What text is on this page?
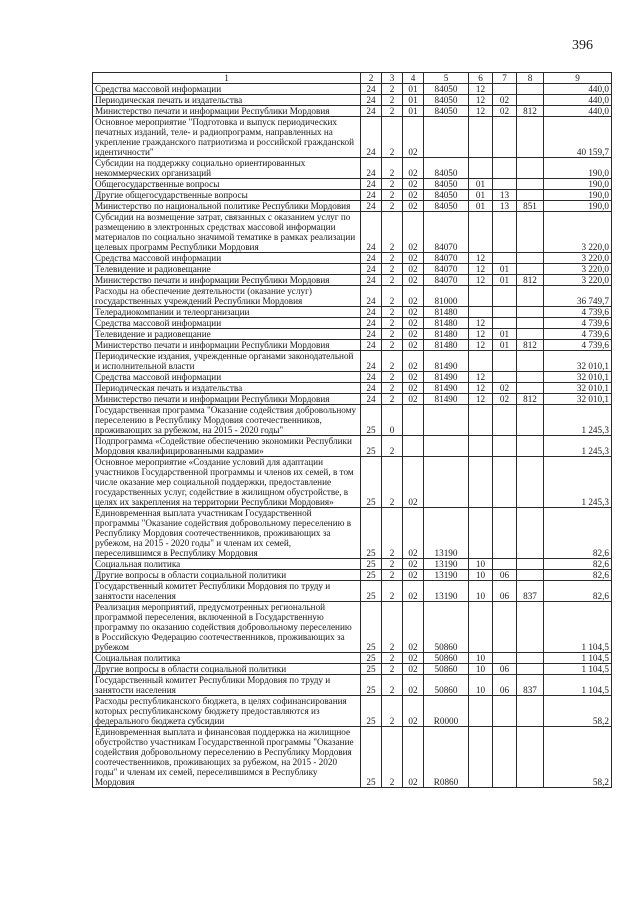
396
1	2	3	4	5	6	7	8	9
Средства массовой информации	24	2	01	84050	12			440,0
Периодическая печать и издательства	24	2	01	84050	12	02		440,0
Министерство печати и информации Республики Мордовия	24	2	01	84050	12	02	812	440,0
Основное мероприятие "Подготовка и выпуск периодических печатных изданий, теле- и радиопрограмм, направленных на укрепление гражданского патриотизма и российской гражданской идентичности"	24	2	02					40 159,7
Субсидии на поддержку социально ориентированных некоммерческих организаций	24	2	02	84050				190,0
Общегосударственные вопросы	24	2	02	84050	01			190,0
Другие общегосударственные вопросы	24	2	02	84050	01	13		190,0
Министерство по национальной политике Республики Мордовия	24	2	02	84050	01	13	851	190,0
Субсидии на возмещение затрат, связанных с оказанием услуг по размещению в электронных средствах массовой информации материалов по социально значимой тематике в рамках реализации целевых программ Республики Мордовия	24	2	02	84070				3 220,0
Средства массовой информации	24	2	02	84070	12			3 220,0
Телевидение и радиовещание	24	2	02	84070	12	01		3 220,0
Министерство печати и информации Республики Мордовия	24	2	02	84070	12	01	812	3 220,0
Расходы на обеспечение деятельности (оказание услуг) государственных учреждений Республики Мордовия	24	2	02	81000				36 749,7
Телерадиокомпании и телеорганизации	24	2	02	81480				4 739,6
Средства массовой информации	24	2	02	81480	12			4 739,6
Телевидение и радиовещание	24	2	02	81480	12	01		4 739,6
Министерство печати и информации Республики Мордовия	24	2	02	81480	12	01	812	4 739,6
Периодические издания, учрежденные органами законодательной и исполнительной власти	24	2	02	81490				32 010,1
Средства массовой информации	24	2	02	81490	12			32 010,1
Периодическая печать и издательства	24	2	02	81490	12	02		32 010,1
Министерство печати и информации Республики Мордовия	24	2	02	81490	12	02	812	32 010,1
Государственная программа "Оказание содействия добровольному переселению в Республику Мордовия соотечественников, проживающих за рубежом, на 2015 - 2020 годы"	25	0						1 245,3
Подпрограмма «Содействие обеспечению экономики Республики Мордовия квалифицированными кадрами»	25	2						1 245,3
Основное мероприятие «Создание условий для адаптации участников Государственной программы и членов их семей, в том числе оказание мер социальной поддержки, предоставление государственных услуг, содействие в жилищном обустройстве, в целях их закрепления на территории Республики Мордовия»	25	2	02					1 245,3
Единовременная выплата участникам Государственной программы "Оказание содействия добровольному переселению в Республику Мордовия соотечественников, проживающих за рубежом, на 2015 - 2020 годы" и членам их семей, переселившимся в Республику Мордовия	25	2	02	13190				82,6
Социальная политика	25	2	02	13190	10			82,6
Другие вопросы в области социальной политики	25	2	02	13190	10	06		82,6
Государственный комитет Республики Мордовия по труду и занятости населения	25	2	02	13190	10	06	837	82,6
Реализация мероприятий, предусмотренных региональной программой переселения, включенной в Государственную программу по оказанию содействия добровольному переселению в Российскую Федерацию соотечественников, проживающих за рубежом	25	2	02	50860				1 104,5
Социальная политика	25	2	02	50860	10			1 104,5
Другие вопросы в области социальной политики	25	2	02	50860	10	06		1 104,5
Государственный комитет Республики Мордовия по труду и занятости населения	25	2	02	50860	10	06	837	1 104,5
Расходы республиканского бюджета, в целях софинансирования которых республиканскому бюджету предоставляются из федерального бюджета субсидии	25	2	02	R0000				58,2
Единовременная выплата и финансовая поддержка на жилищное обустройство участникам Государственной программы "Оказание содействия добровольному переселению в Республику Мордовия соотечественников, проживающих за рубежом, на 2015 - 2020 годы" и членам их семей, переселившимся в Республику Мордовия	25	2	02	R0860				58,2
